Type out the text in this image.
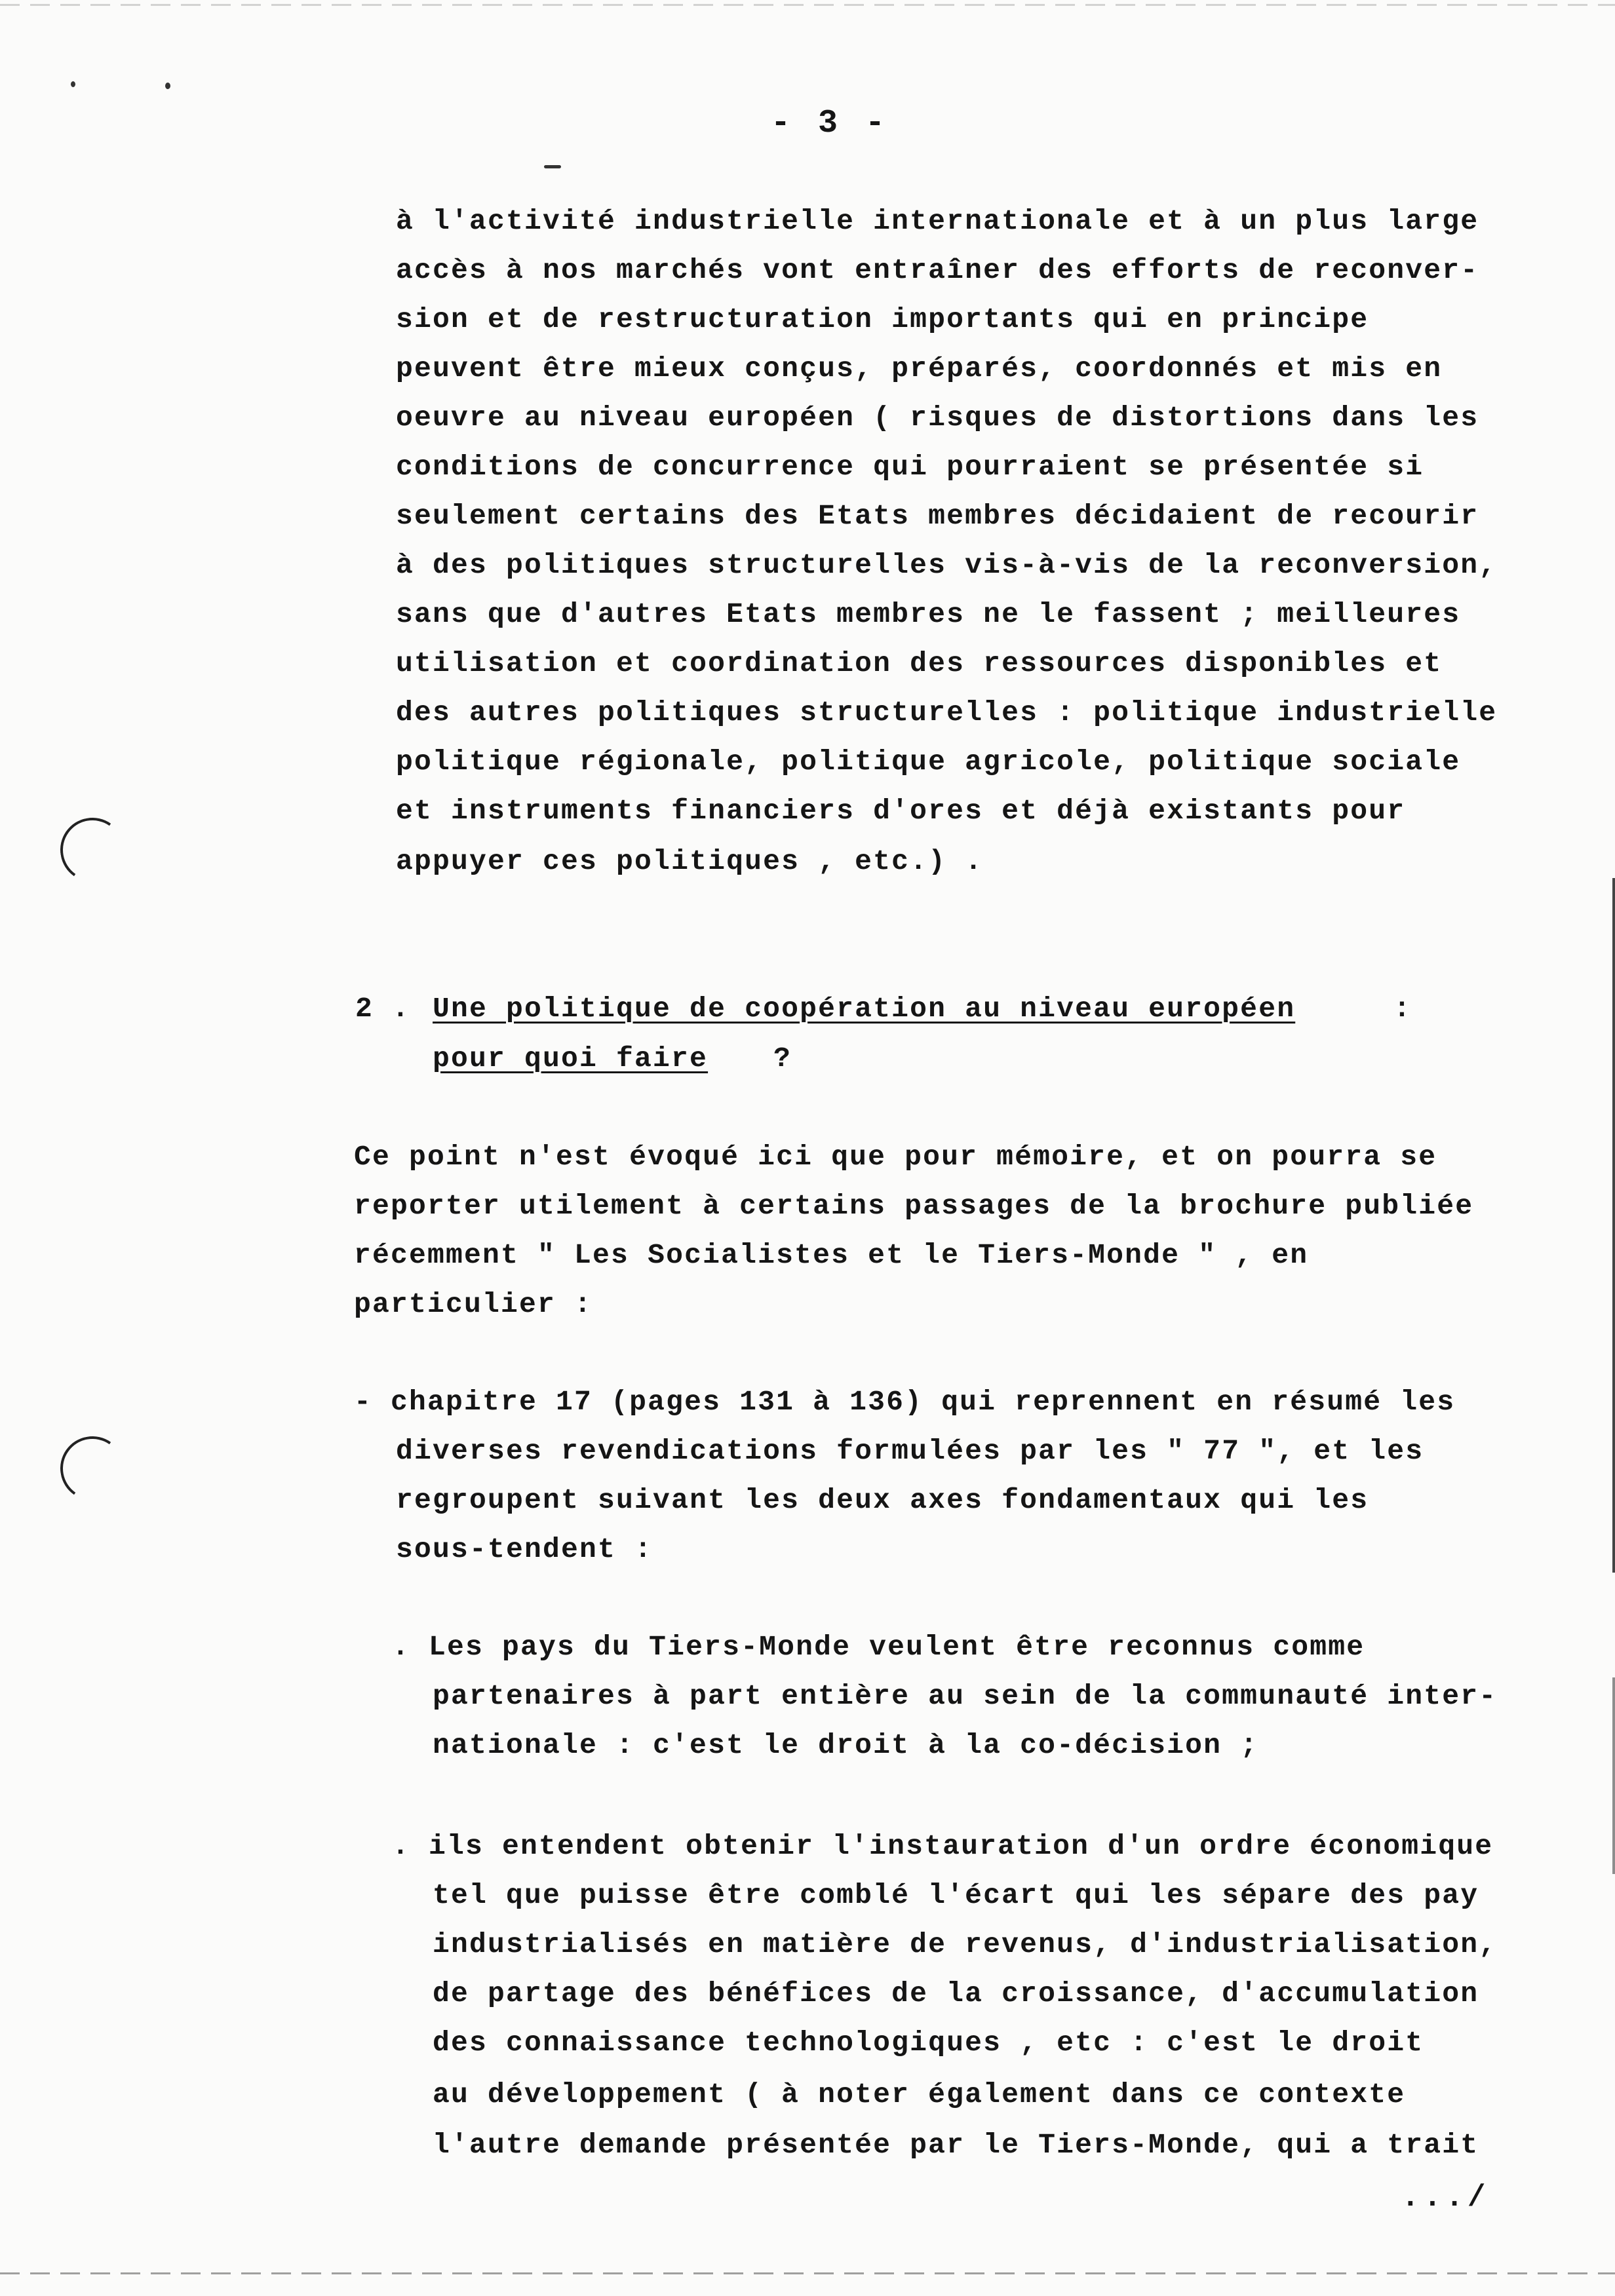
- 3 -
à l'activité industrielle internationale et à un plus large
accès à nos marchés vont entraîner des efforts de reconver-
sion et de restructuration importants qui en principe
peuvent être mieux conçus, préparés, coordonnés et mis en
oeuvre au niveau européen ( risques de distortions dans les
conditions de concurrence qui pourraient se présentée si
seulement certains des Etats membres décidaient de recourir
à des politiques structurelles vis-à-vis de la reconversion,
sans que d'autres Etats membres ne le fassent ; meilleures
utilisation et coordination des ressources disponibles et
des autres politiques structurelles : politique industrielle
politique régionale, politique agricole, politique sociale
et instruments financiers d'ores et déjà existants pour
appuyer ces politiques , etc.) .
2 . Une politique de coopération au niveau européen	:
pour quoi faire ?
Ce point n'est évoqué ici que pour mémoire, et on pourra se
reporter utilement à certains passages de la brochure publiée
récemment " Les Socialistes et le Tiers-Monde " , en
particulier :
- chapitre 17 (pages 131 à 136) qui reprennent en résumé les
diverses revendications formulées par les " 77 ", et les
regroupent suivant les deux axes fondamentaux qui les
sous-tendent :
. Les pays du Tiers-Monde veulent être reconnus comme
partenaires à part entière au sein de la communauté inter-
nationale : c'est le droit à la co-décision ;
. ils entendent obtenir l'instauration d'un ordre économique
tel que puisse être comblé l'écart qui les sépare des pay
industrialisés en matière de revenus, d'industrialisation,
de partage des bénéfices de la croissance, d'accumulation
des connaissance technologiques , etc : c'est le droit
au développement ( à noter également dans ce contexte
l'autre demande présentée par le Tiers-Monde, qui a trait
.../
